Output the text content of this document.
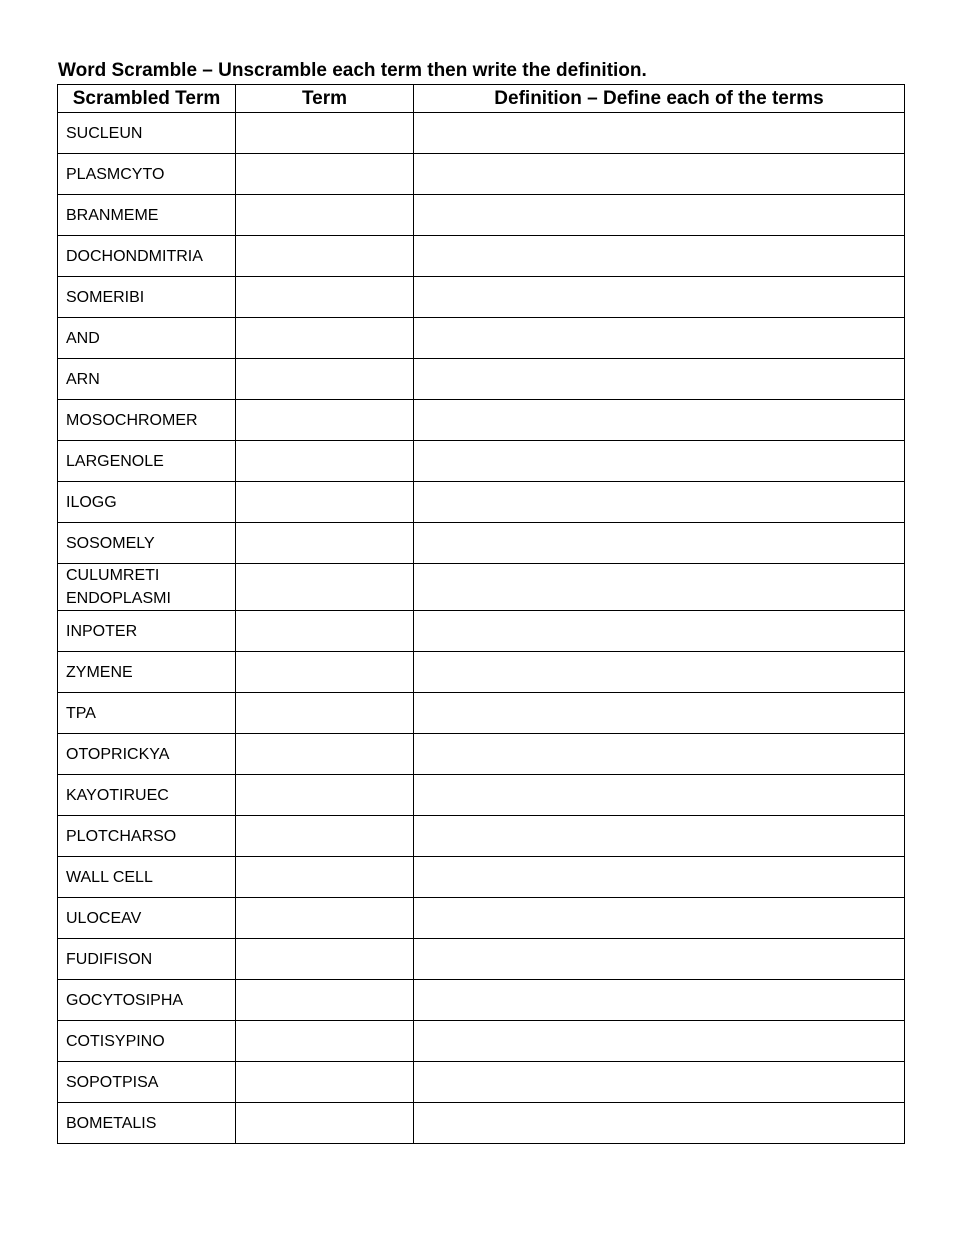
Word Scramble – Unscramble each term then write the definition.
Scrambled Term	Term	Definition – Define each of the terms
SUCLEUN		
PLASMCYTO		
BRANMEME		
DOCHONDMITRIA		
SOMERIBI		
AND		
ARN		
MOSOCHROMER		
LARGENOLE		
ILOGG		
SOSOMELY		
CULUMRETI ENDOPLASMI		
INPOTER		
ZYMENE		
TPA		
OTOPRICKYA		
KAYOTIRUEC		
PLOTCHARSO		
WALL CELL		
ULOCEAV		
FUDIFISON		
GOCYTOSIPHA		
COTISYPINO		
SOPOTPISA		
BOMETALIS		
